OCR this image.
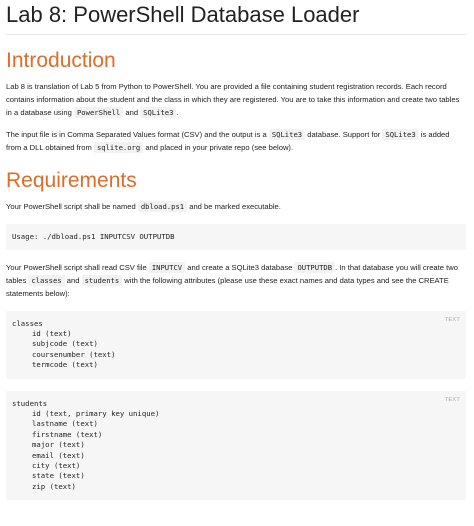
Lab 8: PowerShell Database Loader
Introduction

Lab 8 is translation of Lab 5 from Python to PowerShell. You are provided a file containing student registration records. Each record contains information about the student and the class in which they are registered. You are to take this information and create two tables in a database using PowerShell and SQLite3 .

The input file is in Comma Separated Values format (CSV) and the output is a SQLite3 database. Support for SQLite3 is added from a DLL obtained from sqlite.org and placed in your private repo (see below).

Requirements

Your PowerShell script shall be named dbload.ps1 and be marked executable.

Usage: ./dbload.ps1 INPUTCSV OUTPUTDB

Your PowerShell script shall read CSV file INPUTCV and create a SQLite3 database OUTPUTDB . In that database you will create two tables classes and students with the following attributes (please use these exact names and data types and see the CREATE statements below):

TEXT
classes
id (text)
subjcode (text)
coursenumber (text)
termcode (text)
TEXT
students
id (text, primary key unique)
lastname (text)
firstname (text)
major (text)
email (text)
city (text)
state (text)
zip (text)
